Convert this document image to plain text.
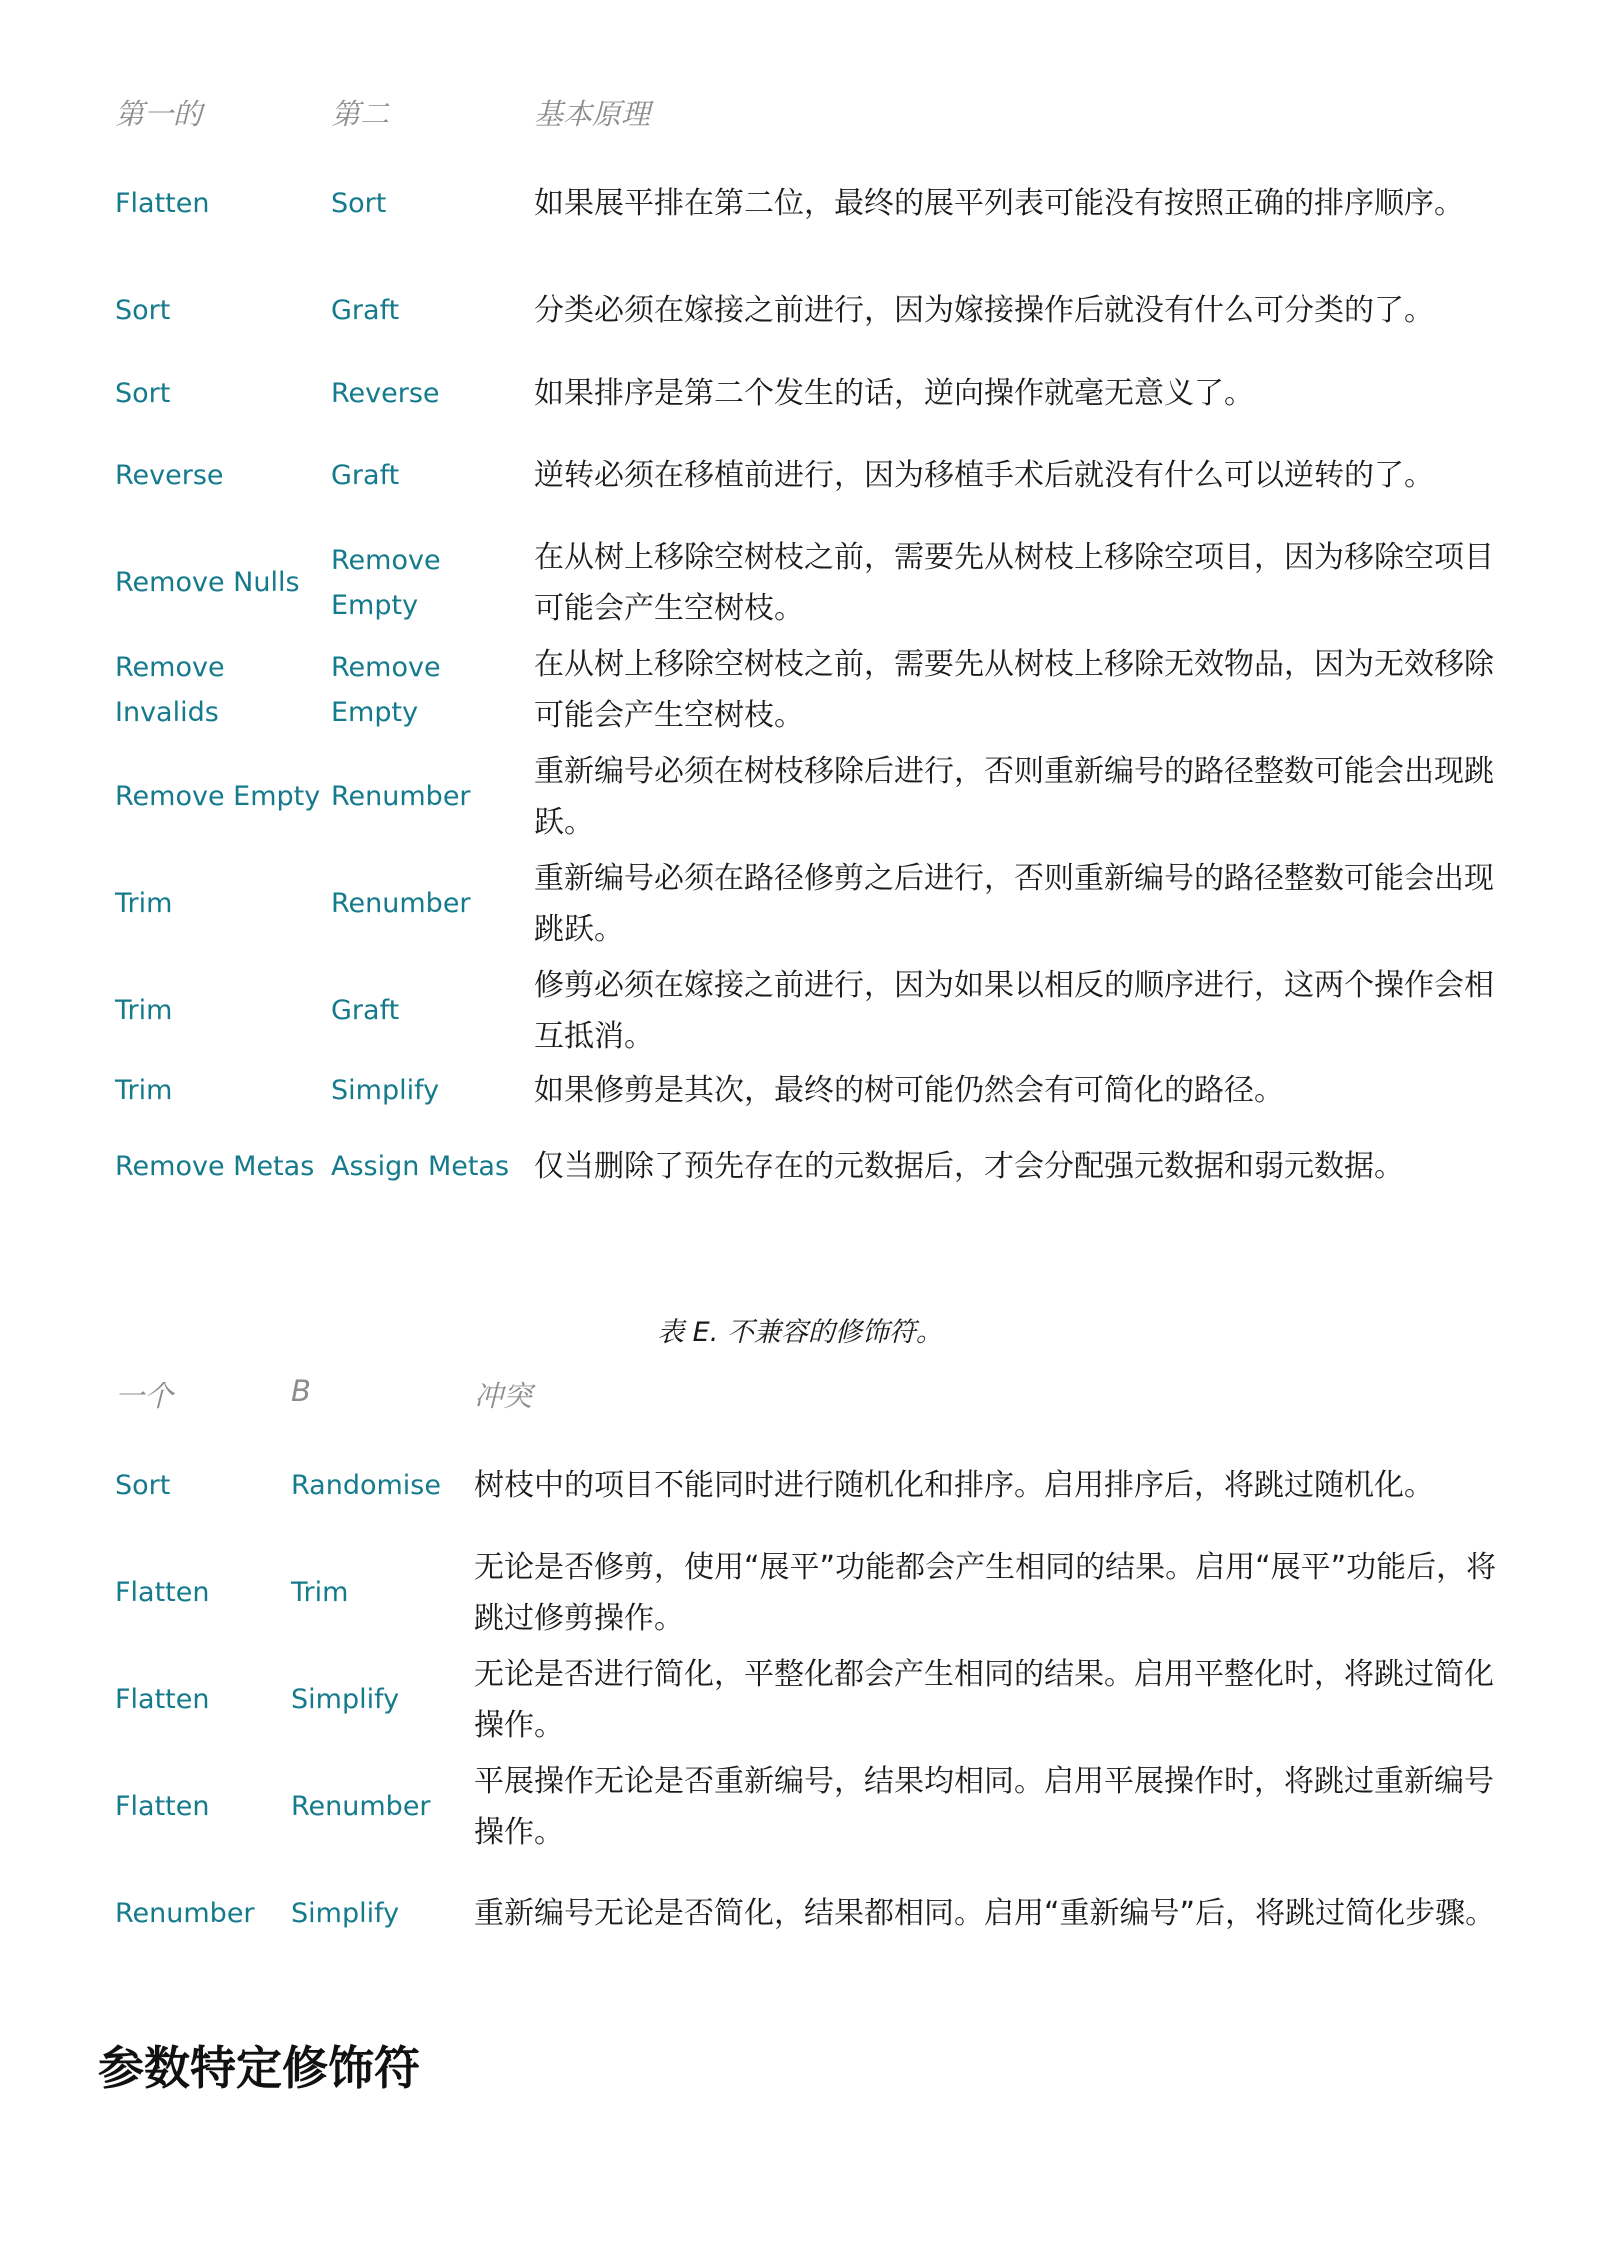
第一的	第二	基本原理
Flatten	Sort	如果展平排在第二位，最终的展平列表可能没有按照正确的排序顺序。
Sort	Graft	分类必须在嫁接之前进行，因为嫁接操作后就没有什么可分类的了。
Sort	Reverse	如果排序是第二个发生的话，逆向操作就毫无意义了。
Reverse	Graft	逆转必须在移植前进行，因为移植手术后就没有什么可以逆转的了。
Remove Nulls	Remove Empty	在从树上移除空树枝之前，需要先从树枝上移除空项目，因为移除空项目可能会产生空树枝。
Remove Invalids	Remove Empty	在从树上移除空树枝之前，需要先从树枝上移除无效物品，因为无效移除可能会产生空树枝。
Remove Empty	Renumber	重新编号必须在树枝移除后进行，否则重新编号的路径整数可能会出现跳跃。
Trim	Renumber	重新编号必须在路径修剪之后进行，否则重新编号的路径整数可能会出现跳跃。
Trim	Graft	修剪必须在嫁接之前进行，因为如果以相反的顺序进行，这两个操作会相互抵消。
Trim	Simplify	如果修剪是其次，最终的树可能仍然会有可简化的路径。
Remove Metas	Assign Metas	仅当删除了预先存在的元数据后，才会分配强元数据和弱元数据。
表 E. 不兼容的修饰符。
一个	B	冲突
Sort	Randomise	树枝中的项目不能同时进行随机化和排序。启用排序后，将跳过随机化。
Flatten	Trim	无论是否修剪，使用“展平”功能都会产生相同的结果。启用“展平”功能后，将跳过修剪操作。
Flatten	Simplify	无论是否进行简化，平整化都会产生相同的结果。启用平整化时，将跳过简化操作。
Flatten	Renumber	平展操作无论是否重新编号，结果均相同。启用平展操作时，将跳过重新编号操作。
Renumber	Simplify	重新编号无论是否简化，结果都相同。启用“重新编号”后，将跳过简化步骤。
参数特定修饰符
